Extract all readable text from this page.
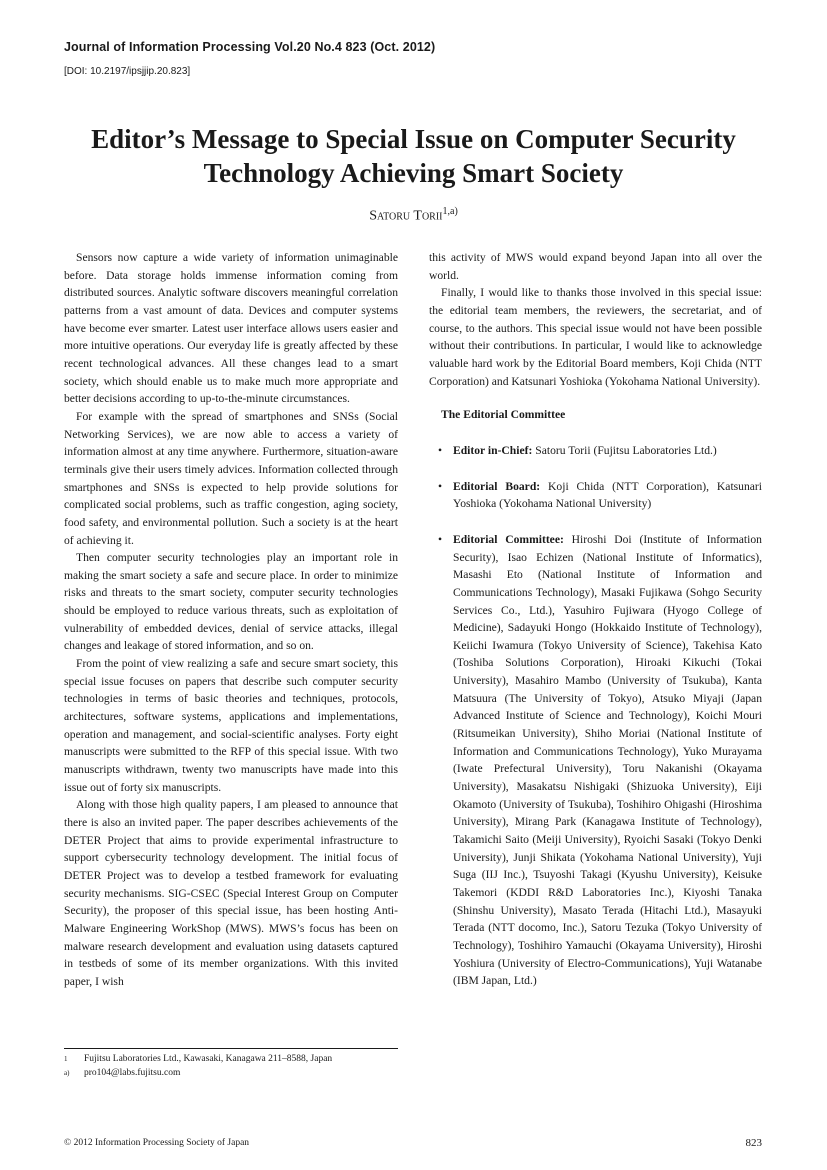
Journal of Information Processing Vol.20 No.4 823 (Oct. 2012)
[DOI: 10.2197/ipsjjip.20.823]
Editor’s Message to Special Issue on Computer Security
Technology Achieving Smart Society
Satoru Torii$^{1,a)}$

Sensors now capture a wide variety of information unimaginable before. Data storage holds immense information coming from distributed sources. Analytic software discovers meaningful correlation patterns from a vast amount of data. Devices and computer systems have become ever smarter. Latest user interface allows users easier and more intuitive operations. Our everyday life is greatly affected by these recent technological advances. All these changes lead to a smart society, which should enable us to make much more appropriate and better decisions according to up-to-the-minute circumstances.

For example with the spread of smartphones and SNSs (Social Networking Services), we are now able to access a variety of information almost at any time anywhere. Furthermore, situation-aware terminals give their users timely advices. Information collected through smartphones and SNSs is expected to help provide solutions for complicated social problems, such as traffic congestion, aging society, food safety, and environmental pollution. Such a society is at the heart of achieving it.

Then computer security technologies play an important role in making the smart society a safe and secure place. In order to minimize risks and threats to the smart society, computer security technologies should be employed to reduce various threats, such as exploitation of vulnerability of embedded devices, denial of service attacks, illegal changes and leakage of stored information, and so on.

From the point of view realizing a safe and secure smart society, this special issue focuses on papers that describe such computer security technologies in terms of basic theories and techniques, protocols, architectures, software systems, applications and implementations, operation and management, and social-scientific analyses. Forty eight manuscripts were submitted to the RFP of this special issue. With two manuscripts withdrawn, twenty two manuscripts have made into this issue out of forty six manuscripts.

Along with those high quality papers, I am pleased to announce that there is also an invited paper. The paper describes achievements of the DETER Project that aims to provide experimental infrastructure to support cybersecurity technology development. The initial focus of DETER Project was to develop a testbed framework for evaluating security mechanisms. SIG-CSEC (Special Interest Group on Computer Security), the proposer of this special issue, has been hosting Anti-Malware Engineering WorkShop (MWS). MWS’s focus has been on malware research development and evaluation using datasets captured in testbeds of some of its member organizations. With this invited paper, I wish

this activity of MWS would expand beyond Japan into all over the world.

Finally, I would like to thanks those involved in this special issue: the editorial team members, the reviewers, the secretariat, and of course, to the authors. This special issue would not have been possible without their contributions. In particular, I would like to acknowledge valuable hard work by the Editorial Board members, Koji Chida (NTT Corporation) and Katsunari Yoshioka (Yokohama National University).

The Editorial Committee
• Editor in-Chief: Satoru Torii (Fujitsu Laboratories Ltd.)
• Editorial Board: Koji Chida (NTT Corporation), Katsunari Yoshioka (Yokohama National University)
• Editorial Committee: Hiroshi Doi (Institute of Information Security), Isao Echizen (National Institute of Informatics), Masashi Eto (National Institute of Information and Communications Technology), Masaki Fujikawa (Sohgo Security Services Co., Ltd.), Yasuhiro Fujiwara (Hyogo College of Medicine), Sadayuki Hongo (Hokkaido Institute of Technology), Keiichi Iwamura (Tokyo University of Science), Takehisa Kato (Toshiba Solutions Corporation), Hiroaki Kikuchi (Tokai University), Masahiro Mambo (University of Tsukuba), Kanta Matsuura (The University of Tokyo), Atsuko Miyaji (Japan Advanced Institute of Science and Technology), Koichi Mouri (Ritsumeikan University), Shiho Moriai (National Institute of Information and Communications Technology), Yuko Murayama (Iwate Prefectural University), Toru Nakanishi (Okayama University), Masakatsu Nishigaki (Shizuoka University), Eiji Okamoto (University of Tsukuba), Toshihiro Ohigashi (Hiroshima University), Mirang Park (Kanagawa Institute of Technology), Takamichi Saito (Meiji University), Ryoichi Sasaki (Tokyo Denki University), Junji Shikata (Yokohama National University), Yuji Suga (IIJ Inc.), Tsuyoshi Takagi (Kyushu University), Keisuke Takemori (KDDI R&D Laboratories Inc.), Kiyoshi Tanaka (Shinshu University), Masato Terada (Hitachi Ltd.), Masayuki Terada (NTT docomo, Inc.), Satoru Tezuka (Tokyo University of Technology), Toshihiro Yamauchi (Okayama University), Hiroshi Yoshiura (University of Electro-Communications), Yuji Watanabe (IBM Japan, Ltd.)
1	Fujitsu Laboratories Ltd., Kawasaki, Kanagawa 211–8588, Japan
a)	pro104@labs.fujitsu.com
© 2012 Information Processing Society of Japan	823
